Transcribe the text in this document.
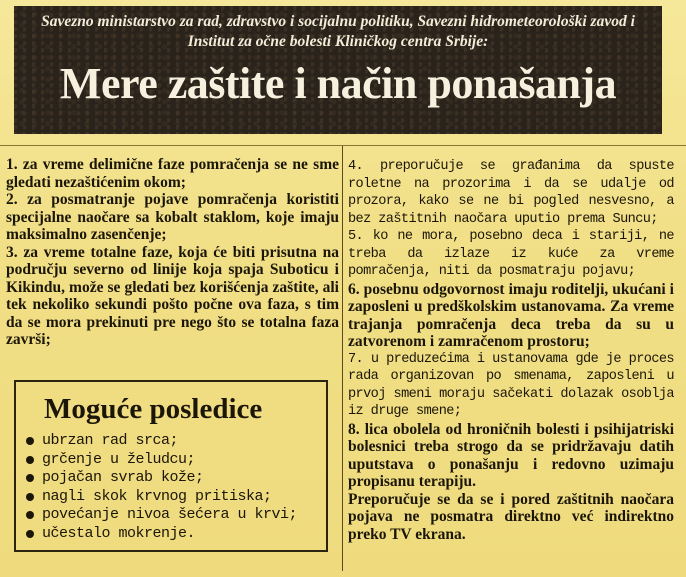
Savezno ministarstvo za rad, zdravstvo i socijalnu politiku, Savezni hidrometeorološki zavod i Institut za očne bolesti Kliničkog centra Srbije:
Mere zaštite i način ponašanja

1. za vreme delimične faze pomračenja se ne sme gledati nezaštićenim okom;

2. za posmatranje pojave pomračenja koristiti specijalne naočare sa kobalt staklom, koje imaju maksimalno zasenčenje;

3. za vreme totalne faze, koja će biti prisutna na području severno od linije koja spaja Suboticu i Kikindu, može se gledati bez korišćenja zaštite, ali tek nekoliko sekundi pošto počne ova faza, s tim da se mora prekinuti pre nego što se totalna faza završi;

Moguće posledice
ubrzan rad srca;
grčenje u želudcu;
pojačan svrab kože;
nagli skok krvnog pritiska;
povećanje nivoa šećera u krvi;
učestalo mokrenje.

4. preporučuje se građanima da spuste roletne na prozorima i da se udalje od prozora, kako se ne bi pogled nesvesno, a bez zaštitnih naočara uputio prema Suncu;

5. ko ne mora, posebno deca i stariji, ne treba da izlaze iz kuće za vreme pomračenja, niti da posmatraju pojavu;

6. posebnu odgovornost imaju roditelji, ukućani i zaposleni u predškolskim ustanovama. Za vreme trajanja pomračenja deca treba da su u zatvorenom i zamračenom prostoru;

7. u preduzećima i ustanovama gde je proces rada organizovan po smenama, zaposleni u prvoj smeni moraju sačekati dolazak osoblja iz druge smene;

8. lica obolela od hroničnih bolesti i psihijatriski bolesnici treba strogo da se pridržavaju datih uputstava o ponašanju i redovno uzimaju propisanu terapiju.

Preporučuje se da se i pored zaštitnih naočara pojava ne posmatra direktno već indirektno preko TV ekrana.
